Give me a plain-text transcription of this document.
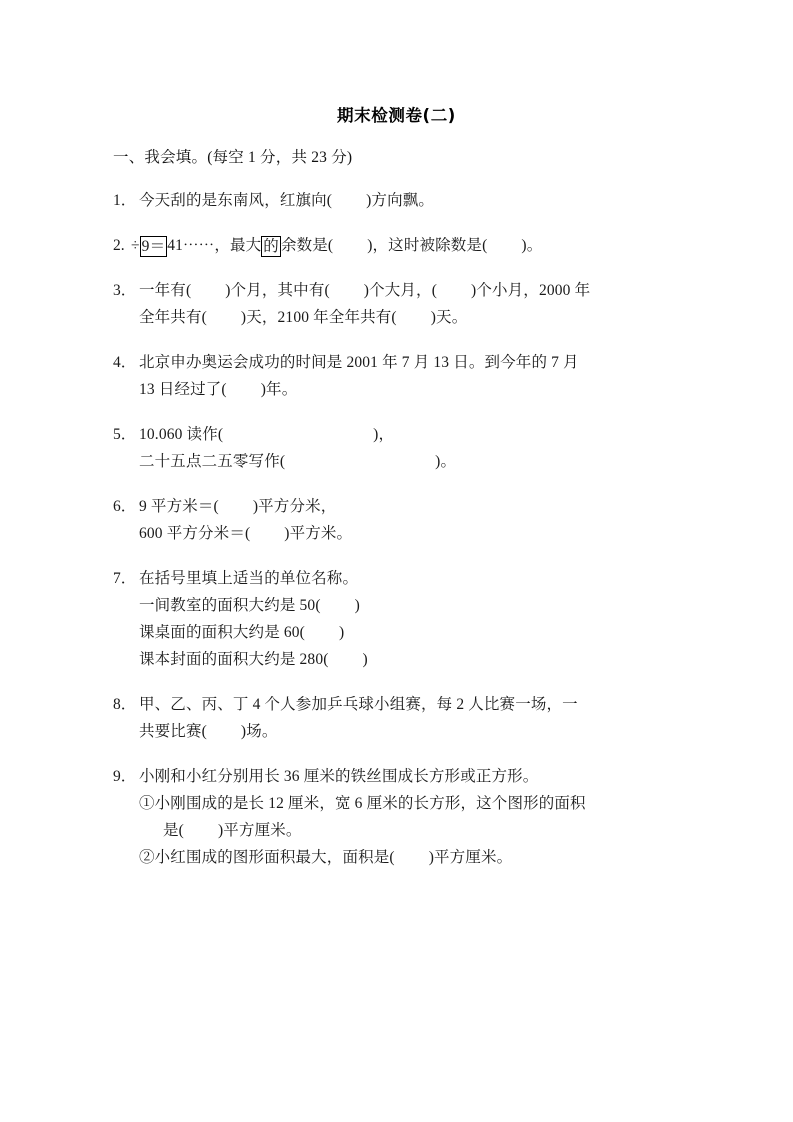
期末检测卷(二)
一、我会填。(每空 1 分，共 23 分)
1． 今天刮的是东南风，红旗向( )方向飘。
2. ÷ 9＝ 41⋯⋯，最大 的 余数是( )，这时被除数是( )。
3． 一年有( )个月，其中有( )个大月，( )个小月，2000 年
全年共有( )天，2100 年全年共有( )天。
4． 北京申办奥运会成功的时间是 2001 年 7 月 13 日。到今年的 7 月
13 日经过了( )年。
5． 10.060 读作(	)，
二十五点二五零写作(	)。
6． 9 平方米＝( )平方分米，
600 平方分米＝( )平方米。
7． 在括号里填上适当的单位名称。
一间教室的面积大约是 50( )
课桌面的面积大约是 60( )
课本封面的面积大约是 280( )
8． 甲、乙、丙、丁 4 个人参加乒乓球小组赛，每 2 人比赛一场，一
共要比赛( )场。
9． 小刚和小红分别用长 36 厘米的铁丝围成长方形或正方形。
①小刚围成的是长 12 厘米，宽 6 厘米的长方形，这个图形的面积
是( )平方厘米。
②小红围成的图形面积最大，面积是( )平方厘米。
